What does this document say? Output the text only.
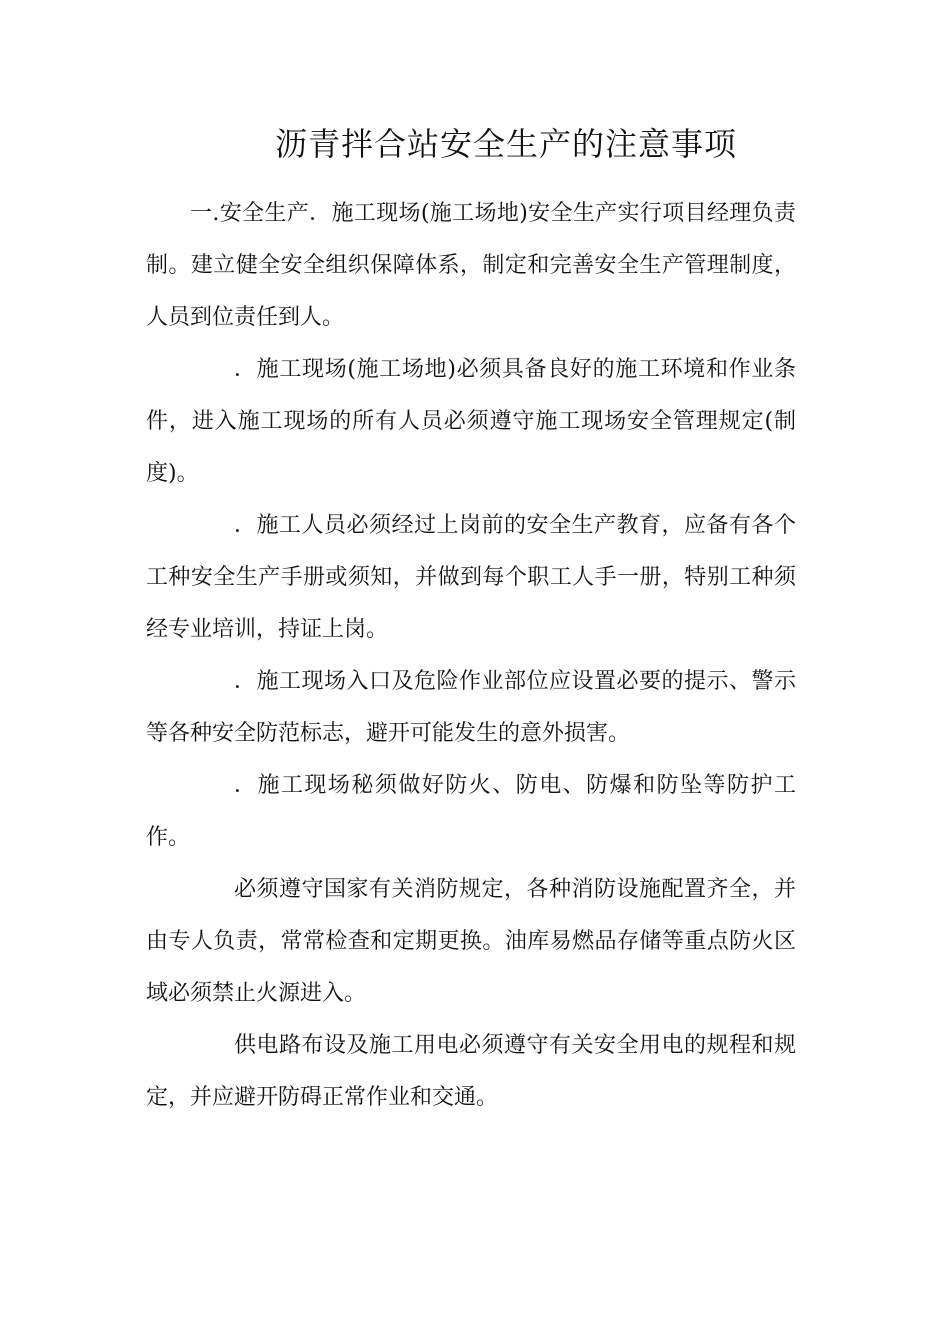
沥青拌合站安全生产的注意事项

一.安全生产．施工现场(施工场地)安全生产实行项目经理负责制。建立健全安全组织保障体系，制定和完善安全生产管理制度，人员到位责任到人。

．施工现场(施工场地)必须具备良好的施工环境和作业条件，进入施工现场的所有人员必须遵守施工现场安全管理规定(制度)。

．施工人员必须经过上岗前的安全生产教育，应备有各个工种安全生产手册或须知，并做到每个职工人手一册，特别工种须经专业培训，持证上岗。

．施工现场入口及危险作业部位应设置必要的提示、警示等各种安全防范标志，避开可能发生的意外损害。

．施工现场秘须做好防火、防电、防爆和防坠等防护工作。

必须遵守国家有关消防规定，各种消防设施配置齐全，并由专人负责，常常检查和定期更换。油库易燃品存储等重点防火区域必须禁止火源进入。

供电路布设及施工用电必须遵守有关安全用电的规程和规定，并应避开防碍正常作业和交通。
